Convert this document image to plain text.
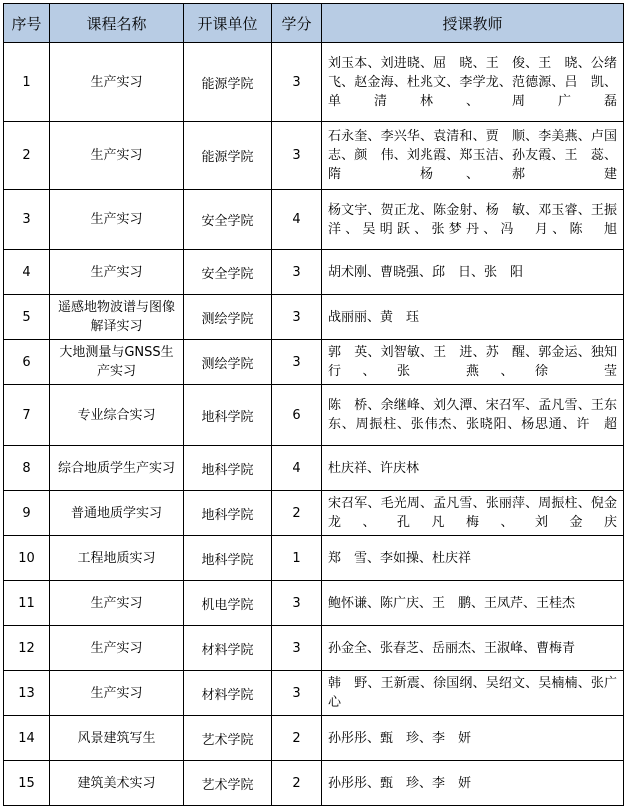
序号	课程名称	开课单位	学分	授课教师
1	生产实习	能源学院	3	刘玉本、刘进晓、屈　晓、王　俊、王　晓、公绪飞、赵金海、杜兆文、李学龙、范德源、吕　凯、单清林、周广磊
2	生产实习	能源学院	3	石永奎、李兴华、袁清和、贾　顺、李美燕、卢国志、颜　伟、刘兆霞、郑玉洁、孙友霞、王　蕊、隋　杨、郝　建
3	生产实习	安全学院	4	杨文宇、贺正龙、陈金射、杨　敏、邓玉睿、王振洋、吴明跃、张梦丹、冯　月、陈　旭
4	生产实习	安全学院	3	胡术刚、曹晓强、邱　日、张　阳
5	遥感地物波谱与图像解译实习	测绘学院	3	战丽丽、黄　珏
6	大地测量与GNSS生产实习	测绘学院	3	郭　英、刘智敏、王　进、苏　醒、郭金运、独知行、张　燕、徐　莹
7	专业综合实习	地科学院	6	陈　桥、余继峰、刘久潭、宋召军、孟凡雪、王东东、周振柱、张伟杰、张晓阳、杨思通、许　超
8	综合地质学生产实习	地科学院	4	杜庆祥、许庆林
9	普通地质学实习	地科学院	2	宋召军、毛光周、孟凡雪、张丽萍、周振柱、倪金龙、孔凡梅、刘金庆
10	工程地质实习	地科学院	1	郑　雪、李如操、杜庆祥
11	生产实习	机电学院	3	鲍怀谦、陈广庆、王　鹏、王凤芹、王桂杰
12	生产实习	材料学院	3	孙金全、张春芝、岳丽杰、王淑峰、曹梅青
13	生产实习	材料学院	3	韩　野、王新震、徐国纲、吴绍文、吴楠楠、张广心
14	风景建筑写生	艺术学院	2	孙彤彤、甄　珍、李　妍
15	建筑美术实习	艺术学院	2	孙彤彤、甄　珍、李　妍
